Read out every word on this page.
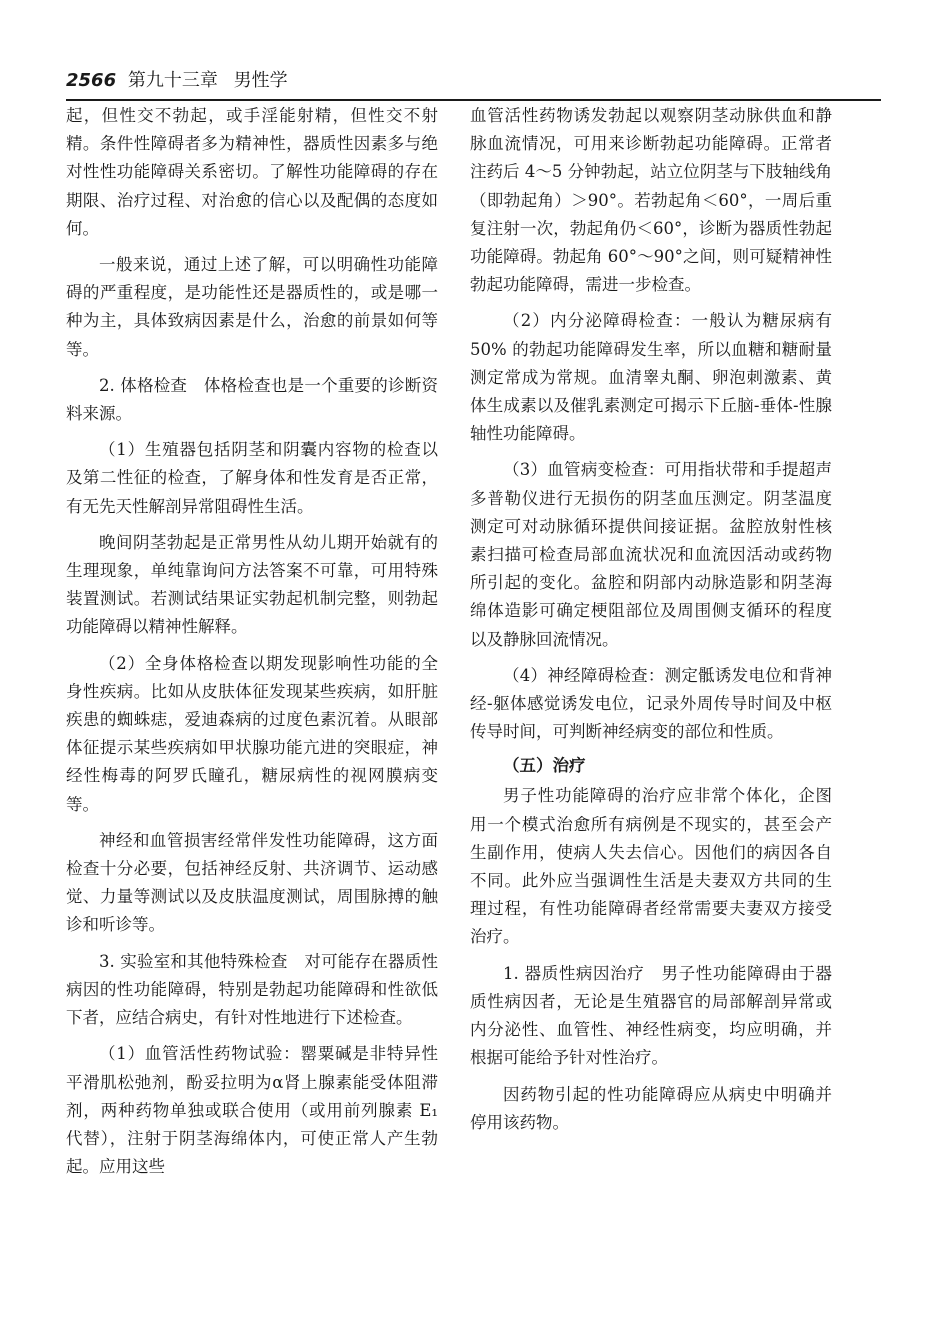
2566 第九十三章 男性学

起，但性交不勃起，或手淫能射精，但性交不射精。条件性障碍者多为精神性，器质性因素多与绝对性性功能障碍关系密切。了解性功能障碍的存在期限、治疗过程、对治愈的信心以及配偶的态度如何。

一般来说，通过上述了解，可以明确性功能障碍的严重程度，是功能性还是器质性的，或是哪一种为主，具体致病因素是什么，治愈的前景如何等等。

2. 体格检查　体格检查也是一个重要的诊断资料来源。

（1）生殖器包括阴茎和阴囊内容物的检查以及第二性征的检查，了解身体和性发育是否正常，有无先天性解剖异常阻碍性生活。

晚间阴茎勃起是正常男性从幼儿期开始就有的生理现象，单纯靠询问方法答案不可靠，可用特殊装置测试。若测试结果证实勃起机制完整，则勃起功能障碍以精神性解释。

（2）全身体格检查以期发现影响性功能的全身性疾病。比如从皮肤体征发现某些疾病，如肝脏疾患的蜘蛛痣，爱迪森病的过度色素沉着。从眼部体征提示某些疾病如甲状腺功能亢进的突眼症，神经性梅毒的阿罗氏瞳孔，糖尿病性的视网膜病变等。

神经和血管损害经常伴发性功能障碍，这方面检查十分必要，包括神经反射、共济调节、运动感觉、力量等测试以及皮肤温度测试，周围脉搏的触诊和听诊等。

3. 实验室和其他特殊检查　对可能存在器质性病因的性功能障碍，特别是勃起功能障碍和性欲低下者，应结合病史，有针对性地进行下述检查。

（1）血管活性药物试验：罂粟碱是非特异性平滑肌松弛剂，酚妥拉明为α肾上腺素能受体阻滞剂，两种药物单独或联合使用（或用前列腺素 E₁ 代替），注射于阴茎海绵体内，可使正常人产生勃起。应用这些

血管活性药物诱发勃起以观察阴茎动脉供血和静脉血流情况，可用来诊断勃起功能障碍。正常者注药后 4～5 分钟勃起，站立位阴茎与下肢轴线角（即勃起角）＞90°。若勃起角＜60°，一周后重复注射一次，勃起角仍＜60°，诊断为器质性勃起功能障碍。勃起角 60°～90°之间，则可疑精神性勃起功能障碍，需进一步检查。

（2）内分泌障碍检查：一般认为糖尿病有 50% 的勃起功能障碍发生率，所以血糖和糖耐量测定常成为常规。血清睾丸酮、卵泡刺激素、黄体生成素以及催乳素测定可揭示下丘脑-垂体-性腺轴性功能障碍。

（3）血管病变检查：可用指状带和手提超声多普勒仪进行无损伤的阴茎血压测定。阴茎温度测定可对动脉循环提供间接证据。盆腔放射性核素扫描可检查局部血流状况和血流因活动或药物所引起的变化。盆腔和阴部内动脉造影和阴茎海绵体造影可确定梗阻部位及周围侧支循环的程度以及静脉回流情况。

（4）神经障碍检查：测定骶诱发电位和背神经-躯体感觉诱发电位，记录外周传导时间及中枢传导时间，可判断神经病变的部位和性质。

（五）治疗

男子性功能障碍的治疗应非常个体化，企图用一个模式治愈所有病例是不现实的，甚至会产生副作用，使病人失去信心。因他们的病因各自不同。此外应当强调性生活是夫妻双方共同的生理过程，有性功能障碍者经常需要夫妻双方接受治疗。

1. 器质性病因治疗　男子性功能障碍由于器质性病因者，无论是生殖器官的局部解剖异常或内分泌性、血管性、神经性病变，均应明确，并根据可能给予针对性治疗。

因药物引起的性功能障碍应从病史中明确并停用该药物。
